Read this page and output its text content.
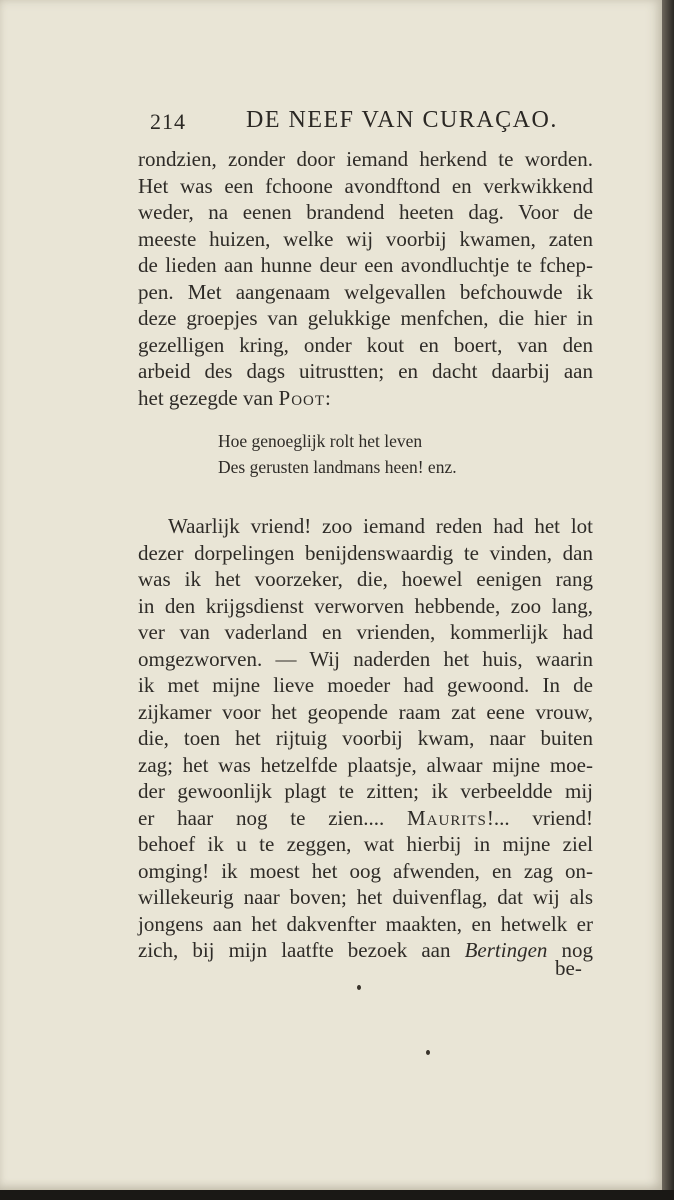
214	DE NEEF VAN CURAÇAO.
rondzien, zonder door iemand herkend te worden.
Het was een fchoone avondftond en verkwikkend
weder, na eenen brandend heeten dag. Voor de
meeste huizen, welke wij voorbij kwamen, zaten
de lieden aan hunne deur een avondluchtje te fchep-
pen. Met aangenaam welgevallen befchouwde ik
deze groepjes van gelukkige menfchen, die hier in
gezelligen kring, onder kout en boert, van den
arbeid des dags uitrustten; en dacht daarbij aan
het gezegde van Poot:
Hoe genoeglijk rolt het leven
Des gerusten landmans heen! enz.
Waarlijk vriend! zoo iemand reden had het lot
dezer dorpelingen benijdenswaardig te vinden, dan
was ik het voorzeker, die, hoewel eenigen rang
in den krijgsdienst verworven hebbende, zoo lang,
ver van vaderland en vrienden, kommerlijk had
omgezworven. — Wij naderden het huis, waarin
ik met mijne lieve moeder had gewoond. In de
zijkamer voor het geopende raam zat eene vrouw,
die, toen het rijtuig voorbij kwam, naar buiten
zag; het was hetzelfde plaatsje, alwaar mijne moe-
der gewoonlijk plagt te zitten; ik verbeeldde mij
er haar nog te zien.... Maurits!... vriend!
behoef ik u te zeggen, wat hierbij in mijne ziel
omging! ik moest het oog afwenden, en zag on-
willekeurig naar boven; het duivenflag, dat wij als
jongens aan het dakvenfter maakten, en hetwelk er
zich, bij mijn laatfte bezoek aan Bertingen nog
be-
